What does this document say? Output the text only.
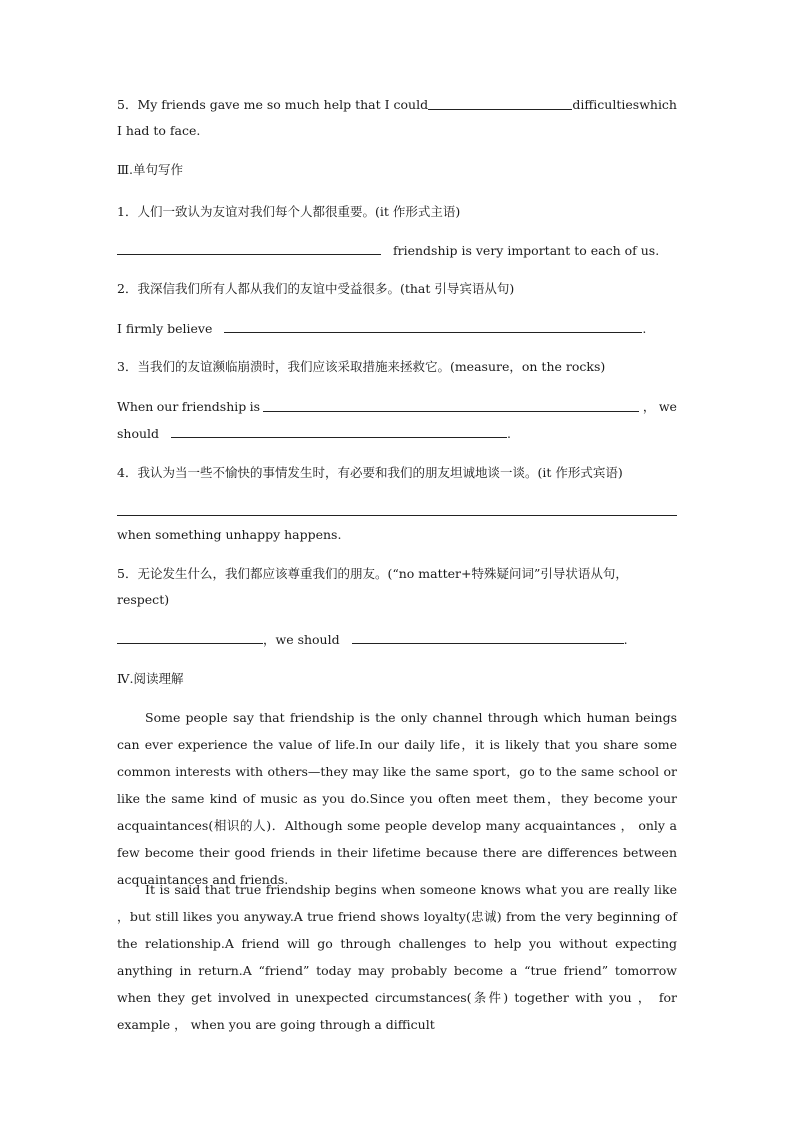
5．My friends gave me so much help that I could	difficulties which
I had to face.
Ⅲ.单句写作
1．人们一致认为友谊对我们每个人都很重要。(it 作形式主语)
friendship is very important to each of us.
2．我深信我们所有人都从我们的友谊中受益很多。(that 引导宾语从句)
I firmly believe	.
3．当我们的友谊濒临崩溃时，我们应该采取措施来拯救它。(measure，on the rocks)
When our friendship is	， we
should	.
4．我认为当一些不愉快的事情发生时，有必要和我们的朋友坦诚地谈一谈。(it 作形式宾语)
when something unhappy happens.
5．无论发生什么，我们都应该尊重我们的朋友。(“no matter+特殊疑问词”引导状语从句，
respect)
，we should	.
Ⅳ.阅读理解

Some people say that friendship is the only channel through which human beings can ever experience the value of life.In our daily life，it is likely that you share some common interests with others—they may like the same sport，go to the same school or like the same kind of music as you do.Since you often meet them，they become your acquaintances(相识的人)．Although some people develop many acquaintances ， only a few become their good friends in their lifetime because there are differences between acquaintances and friends.

It is said that true friendship begins when someone knows what you are really like ，but still likes you anyway.A true friend shows loyalty(忠诚) from the very beginning of the relationship.A friend will go through challenges to help you without expecting anything in return.A “friend” today may probably become a “true friend” tomorrow when they get involved in unexpected circumstances(条件) together with you ， for example ， when you are going through a difficult
